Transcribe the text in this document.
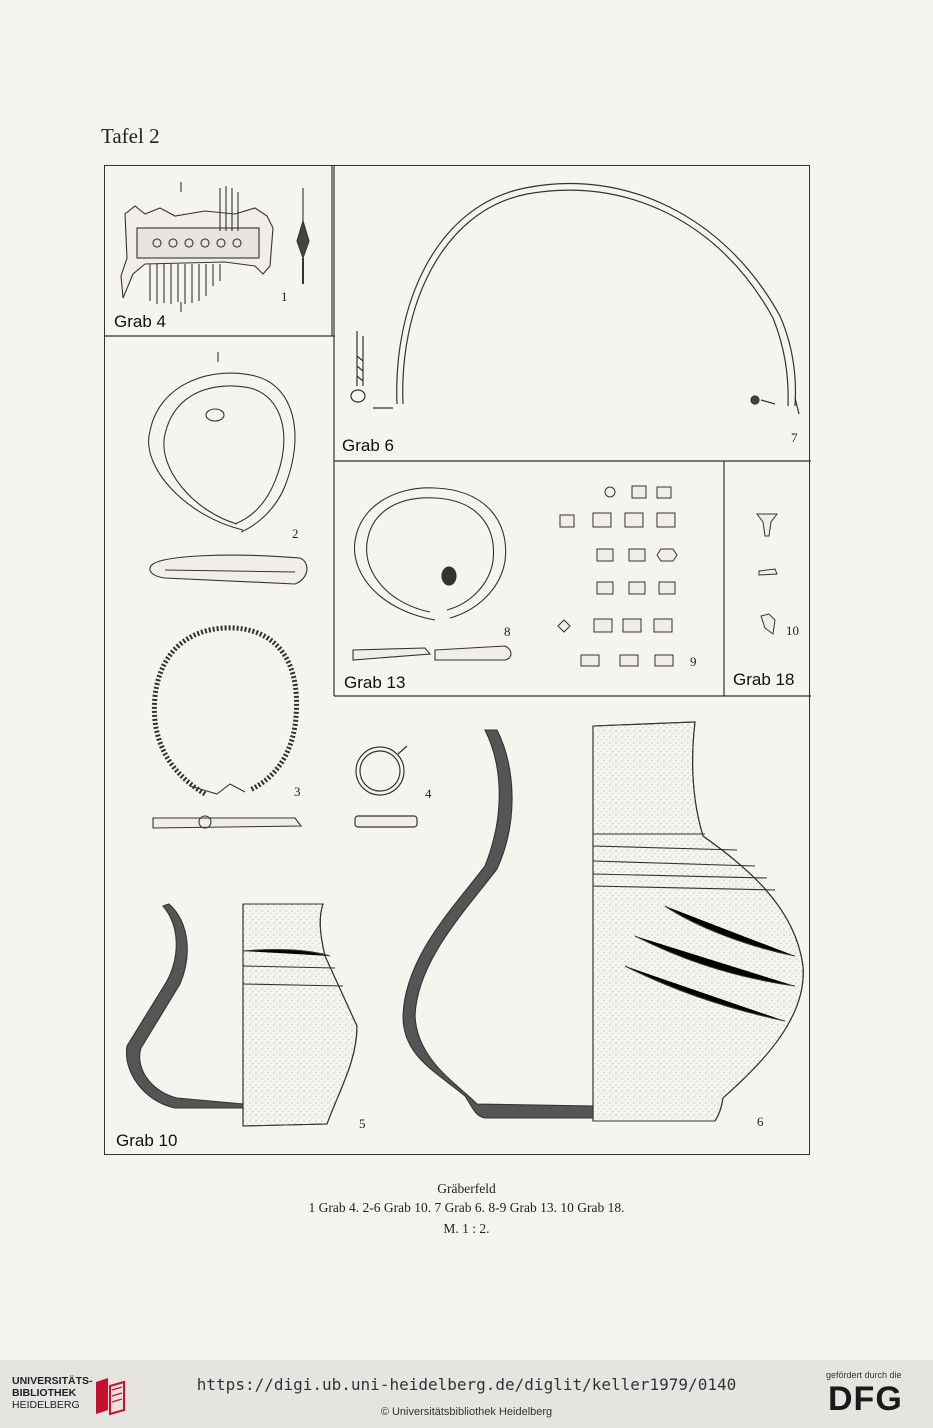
Tafel 2
Grab 4
Grab 6
Grab 13	Grab 18
Grab 10
1
2
3	4
5	6
7
8
9
10
Gräberfeld
1 Grab 4. 2-6 Grab 10. 7 Grab 6. 8-9 Grab 13. 10 Grab 18.
M. 1 : 2.
UNIVERSITÄTS-
BIBLIOTHEK
HEIDELBERG
https://digi.ub.uni-heidelberg.de/diglit/keller1979/0140
© Universitätsbibliothek Heidelberg
gefördert durch die
DFG
